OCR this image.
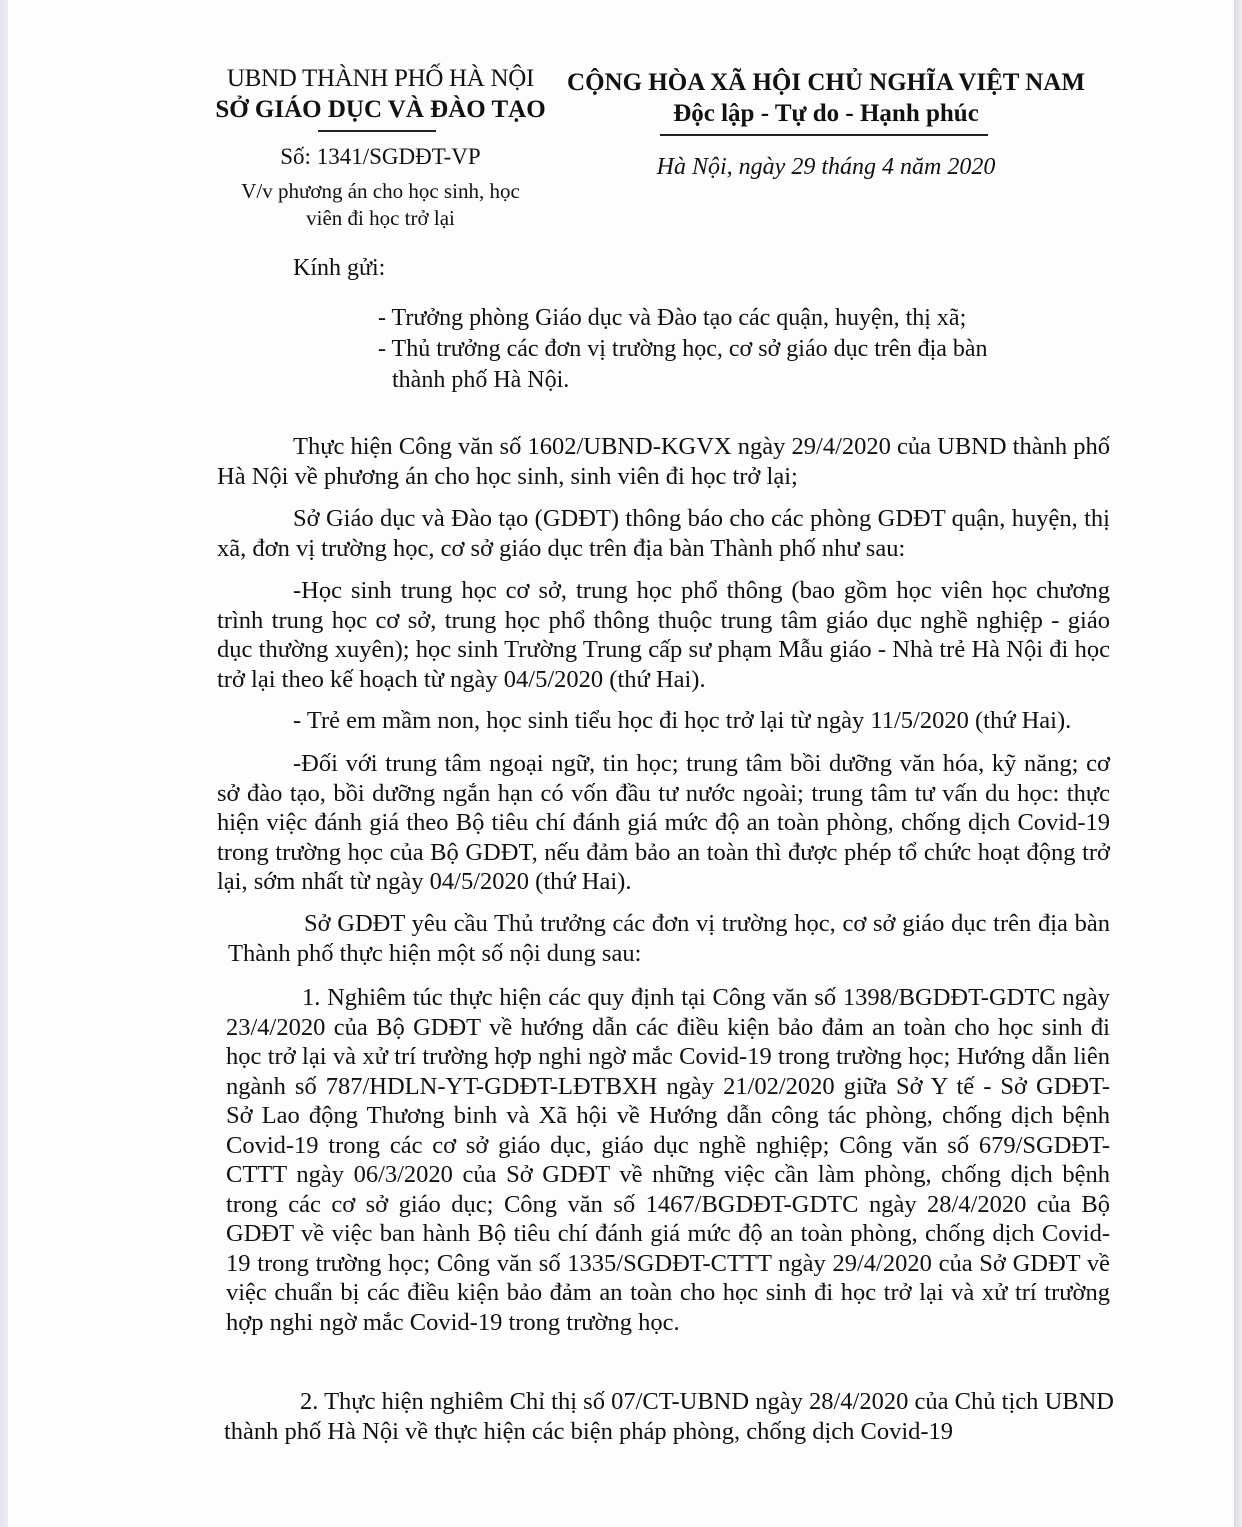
UBND THÀNH PHỐ HÀ NỘI
SỞ GIÁO DỤC VÀ ĐÀO TẠO
Số: 1341/SGDĐT-VP
V/v phương án cho học sinh, học
viên đi học trở lại
CỘNG HÒA XÃ HỘI CHỦ NGHĨA VIỆT NAM
Độc lập - Tự do - Hạnh phúc
Hà Nội, ngày 29 tháng 4 năm 2020
Kính gửi:
- Trưởng phòng Giáo dục và Đào tạo các quận, huyện, thị xã;
- Thủ trưởng các đơn vị trường học, cơ sở giáo dục trên địa bàn
thành phố Hà Nội.

Thực hiện Công văn số 1602/UBND-KGVX ngày 29/4/2020 của UBND thành phố Hà Nội về phương án cho học sinh, sinh viên đi học trở lại;

Sở Giáo dục và Đào tạo (GDĐT) thông báo cho các phòng GDĐT quận, huyện, thị xã, đơn vị trường học, cơ sở giáo dục trên địa bàn Thành phố như sau:

-Học sinh trung học cơ sở, trung học phổ thông (bao gồm học viên học chương trình trung học cơ sở, trung học phổ thông thuộc trung tâm giáo dục nghề nghiệp - giáo dục thường xuyên); học sinh Trường Trung cấp sư phạm Mẫu giáo - Nhà trẻ Hà Nội đi học trở lại theo kế hoạch từ ngày 04/5/2020 (thứ Hai).

- Trẻ em mầm non, học sinh tiểu học đi học trở lại từ ngày 11/5/2020 (thứ Hai).

-Đối với trung tâm ngoại ngữ, tin học; trung tâm bồi dưỡng văn hóa, kỹ năng; cơ sở đào tạo, bồi dưỡng ngắn hạn có vốn đầu tư nước ngoài; trung tâm tư vấn du học: thực hiện việc đánh giá theo Bộ tiêu chí đánh giá mức độ an toàn phòng, chống dịch Covid-19 trong trường học của Bộ GDĐT, nếu đảm bảo an toàn thì được phép tổ chức hoạt động trở lại, sớm nhất từ ngày 04/5/2020 (thứ Hai).

Sở GDĐT yêu cầu Thủ trưởng các đơn vị trường học, cơ sở giáo dục trên địa bàn Thành phố thực hiện một số nội dung sau:

1. Nghiêm túc thực hiện các quy định tại Công văn số 1398/BGDĐT-GDTC ngày 23/4/2020 của Bộ GDĐT về hướng dẫn các điều kiện bảo đảm an toàn cho học sinh đi học trở lại và xử trí trường hợp nghi ngờ mắc Covid-19 trong trường học; Hướng dẫn liên ngành số 787/HDLN-YT-GDĐT-LĐTBXH ngày 21/02/2020 giữa Sở Y tế - Sở GDĐT- Sở Lao động Thương binh và Xã hội về Hướng dẫn công tác phòng, chống dịch bệnh Covid-19 trong các cơ sở giáo dục, giáo dục nghề nghiệp; Công văn số 679/SGDĐT-CTTT ngày 06/3/2020 của Sở GDĐT về những việc cần làm phòng, chống dịch bệnh trong các cơ sở giáo dục; Công văn số 1467/BGDĐT-GDTC ngày 28/4/2020 của Bộ GDĐT về việc ban hành Bộ tiêu chí đánh giá mức độ an toàn phòng, chống dịch Covid-19 trong trường học; Công văn số 1335/SGDĐT-CTTT ngày 29/4/2020 của Sở GDĐT về việc chuẩn bị các điều kiện bảo đảm an toàn cho học sinh đi học trở lại và xử trí trường hợp nghi ngờ mắc Covid-19 trong trường học.

2. Thực hiện nghiêm Chỉ thị số 07/CT-UBND ngày 28/4/2020 của Chủ tịch UBND thành phố Hà Nội về thực hiện các biện pháp phòng, chống dịch Covid-19
